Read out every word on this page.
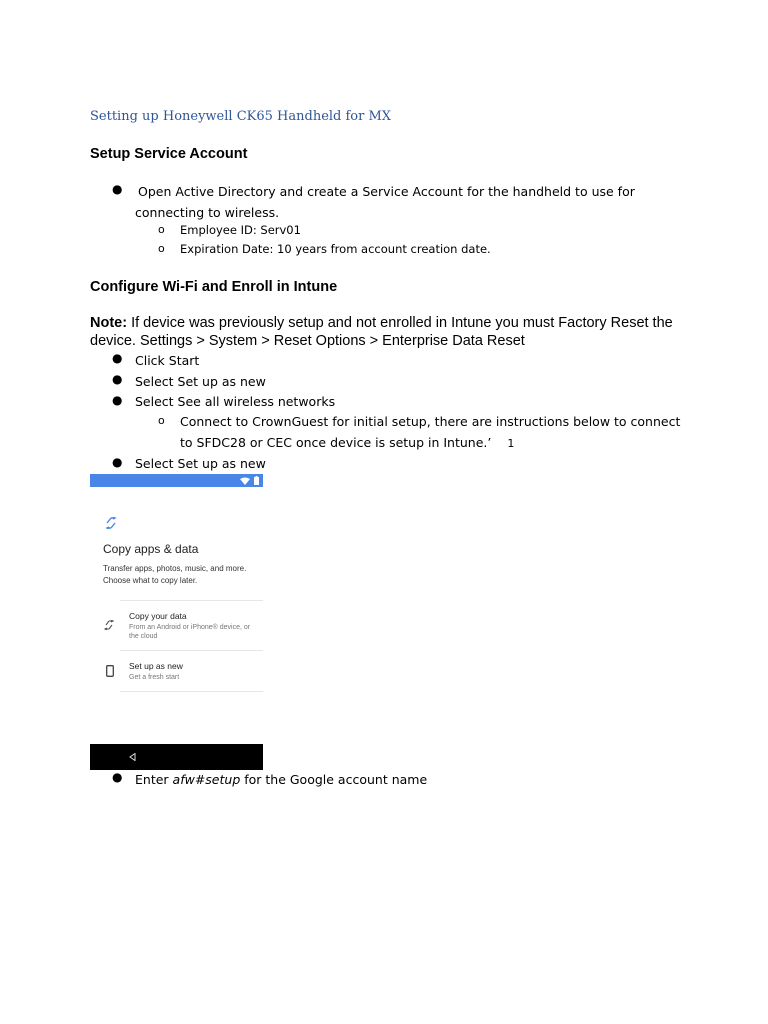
Setting up Honeywell CK65 Handheld for MX
Setup Service Account
● Open Active Directory and create a Service Account for the handheld to use for
connecting to wireless.
o Employee ID: Serv01
o Expiration Date: 10 years from account creation date.
Configure Wi-Fi and Enroll in Intune
Note: If device was previously setup and not enrolled in Intune you must Factory Reset the device. Settings > System > Reset Options > Enterprise Data Reset
● Click Start
● Select Set up as new
● Select See all wireless networks
o Connect to CrownGuest for initial setup, there are instructions below to connect
to SFDC28 or CEC once device is setup in Intune.’ 1
● Select Set up as new
Copy apps & data
Transfer apps, photos, music, and more. Choose what to copy later.
Copy your data
From an Android or iPhone® device, or the cloud
Set up as new
Get a fresh start
● Enter afw#setup for the Google account name
